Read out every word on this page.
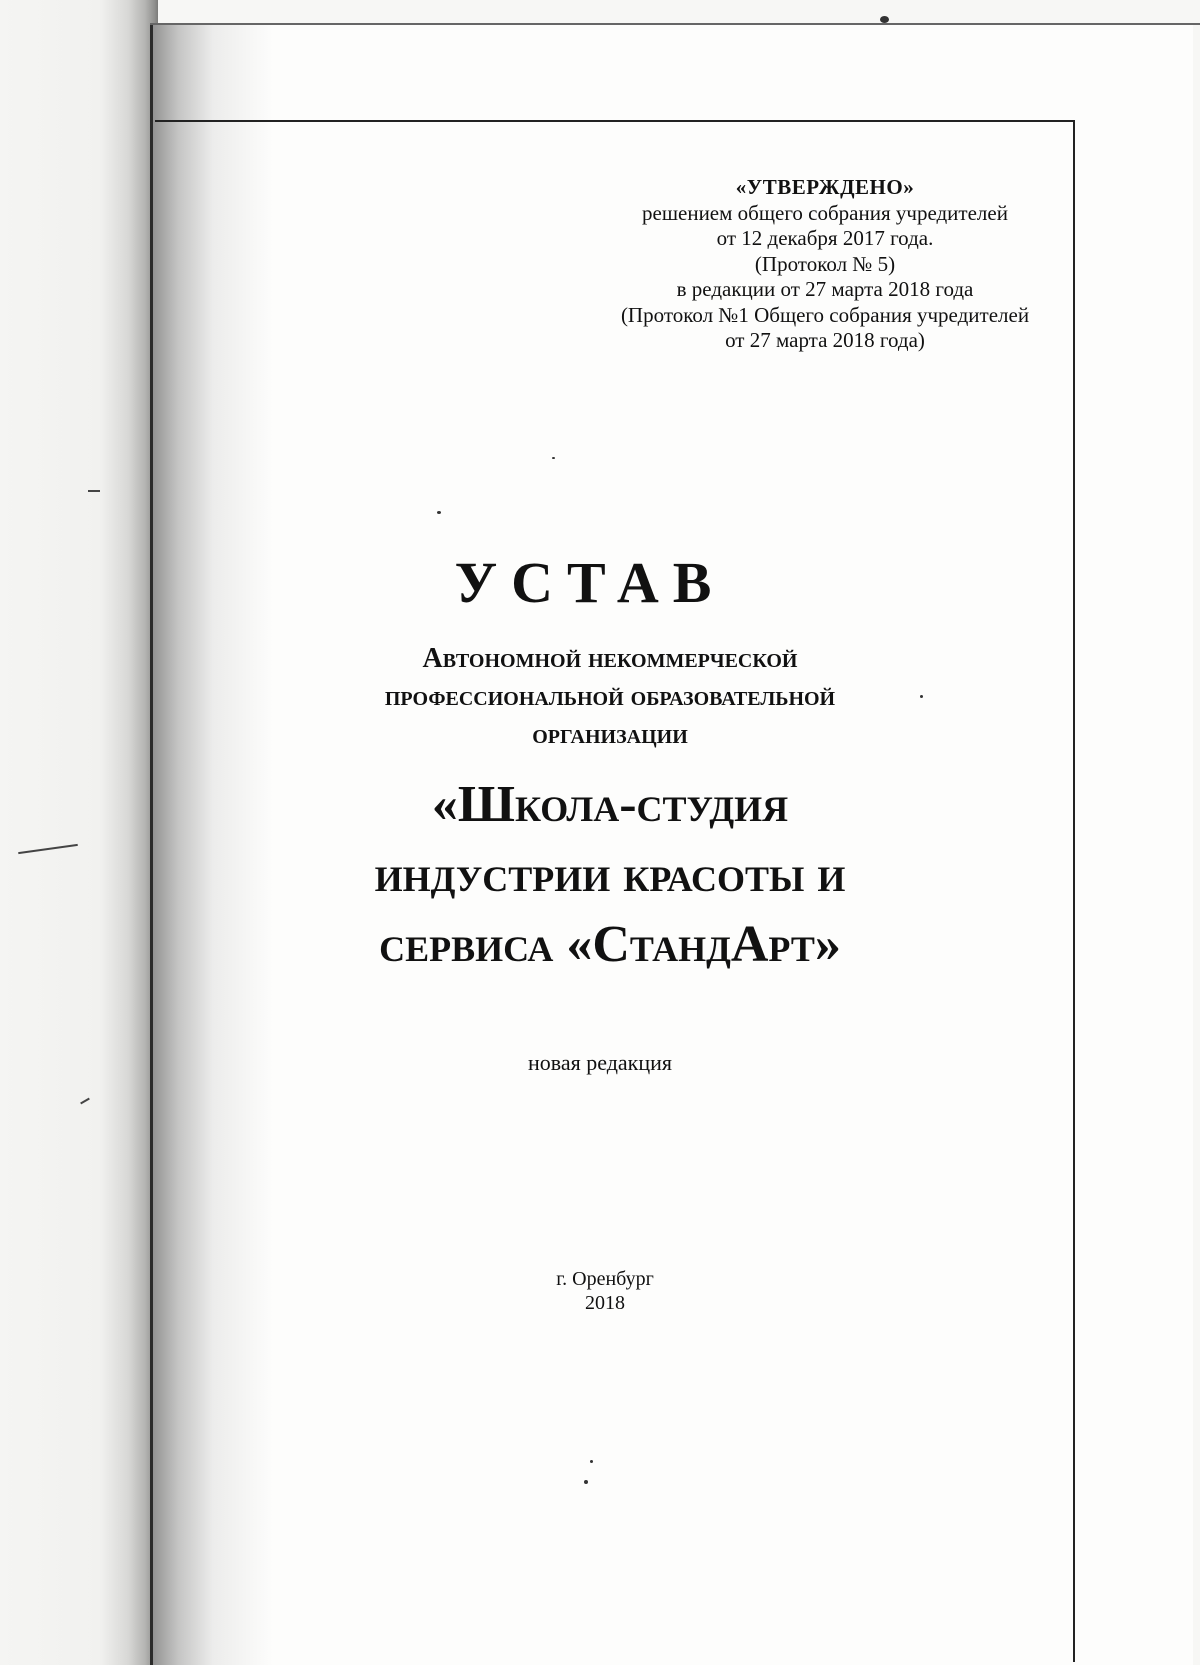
«УТВЕРЖДЕНО»
решением общего собрания учредителей
от 12 декабря 2017 года.
(Протокол № 5)
в редакции от 27 марта 2018 года
(Протокол №1 Общего собрания учредителей
от 27 марта 2018 года)
УСТАВ
Автономной некоммерческой
профессиональной образовательной
организации
«Школа-студия
индустрии красоты и
сервиса «СтандАрт»
новая редакция
г. Оренбург
2018
